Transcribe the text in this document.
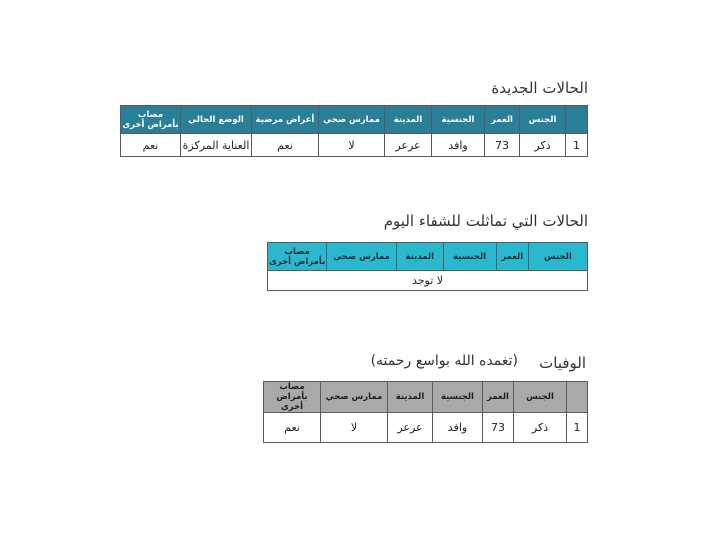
الحالات الجديدة
	الجنس	العمر	الجنسية	المدينة	ممارس صحي	أعراض مرضية	الوضع الحالي	مصاب بأمراض أخرى
1	ذكر	73	وافد	عرعر	لا	نعم	العناية المركزة	نعم
الحالات التي تماثلت للشفاء اليوم
الجنس	العمر	الجنسية	المدينة	ممارس صحي	مصاب بأمراض أخرى
لا توجد
الوفيات
(تغمده الله بواسع رحمته)
	الجنس	العمر	الجنسية	المدينة	ممارس صحي	مصاب بأمراض أخرى
1	ذكر	73	وافد	عرعر	لا	نعم
